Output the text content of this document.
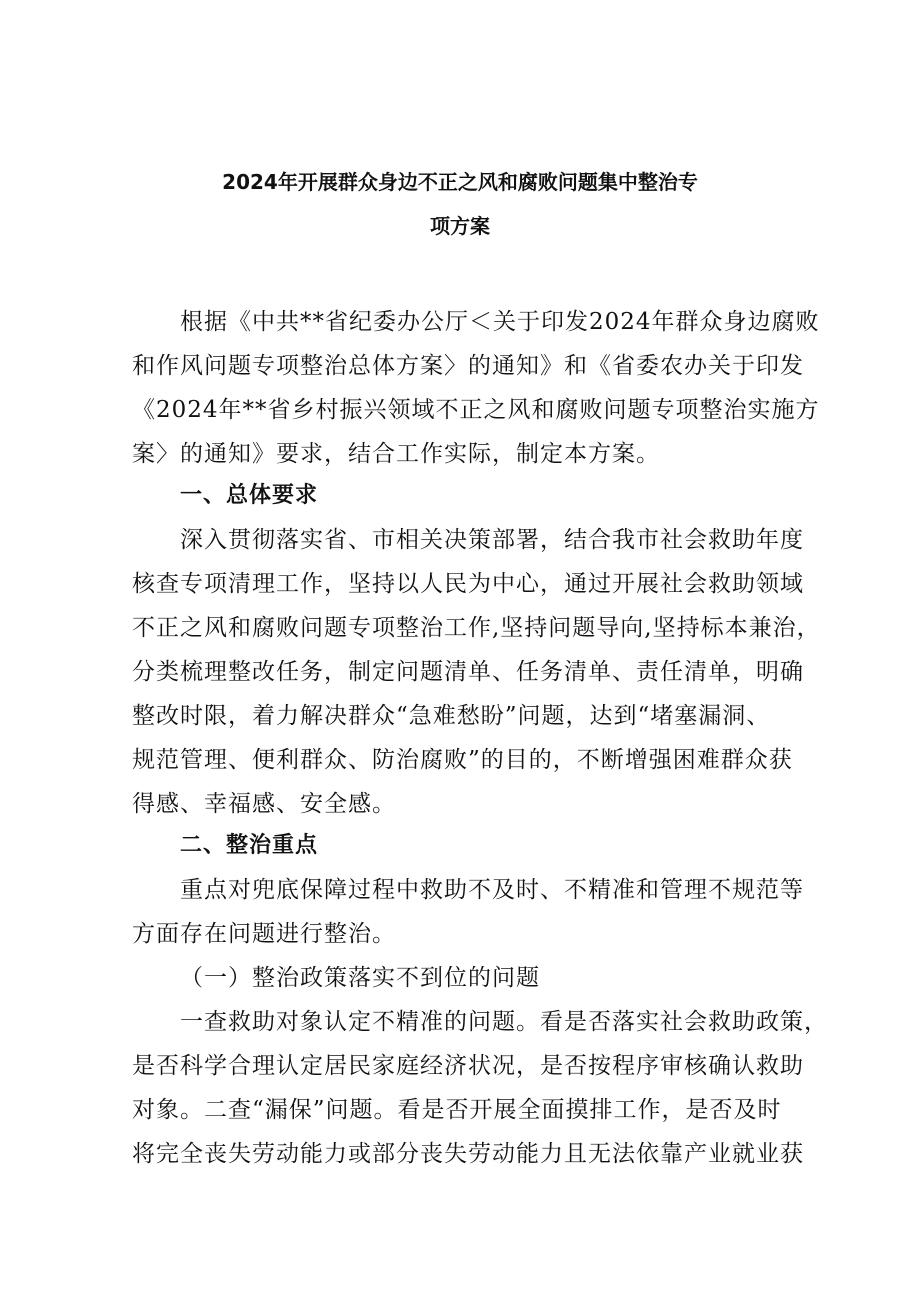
2024年开展群众身边不正之风和腐败问题集中整治专
项方案
根据《中共**省纪委办公厅＜关于印发2024年群众身边腐败
和作风问题专项整治总体方案〉的通知》和《省委农办关于印发
《2024年**省乡村振兴领域不正之风和腐败问题专项整治实施方
案〉的通知》要求，结合工作实际，制定本方案。
一、总体要求
深入贯彻落实省、市相关决策部署，结合我市社会救助年度
核查专项清理工作，坚持以人民为中心，通过开展社会救助领域
不正之风和腐败问题专项整治工作,坚持问题导向,坚持标本兼治，
分类梳理整改任务，制定问题清单、任务清单、责任清单，明确
整改时限，着力解决群众“急难愁盼”问题，达到“堵塞漏洞、
规范管理、便利群众、防治腐败”的目的，不断增强困难群众获
得感、幸福感、安全感。
二、整治重点
重点对兜底保障过程中救助不及时、不精准和管理不规范等
方面存在问题进行整治。
（一）整治政策落实不到位的问题
一查救助对象认定不精准的问题。看是否落实社会救助政策，
是否科学合理认定居民家庭经济状况，是否按程序审核确认救助
对象。二查“漏保”问题。看是否开展全面摸排工作，是否及时
将完全丧失劳动能力或部分丧失劳动能力且无法依靠产业就业获
